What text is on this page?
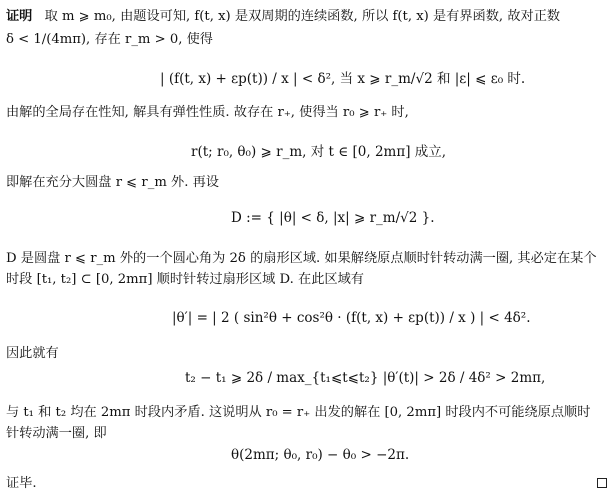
证明 取 m ⩾ m₀, 由题设可知, f(t, x) 是双周期的连续函数, 所以 f(t, x) 是有界函数, 故对正数
δ < 1/(4mπ), 存在 r_m > 0, 使得
| (f(t, x) + εp(t)) / x | < δ², 当 x ⩾ r_m/√2 和 |ε| ⩽ ε₀ 时.
由解的全局存在性知, 解具有弹性性质. 故存在 r₊, 使得当 r₀ ⩾ r₊ 时,
r(t; r₀, θ₀) ⩾ r_m, 对 t ∈ [0, 2mπ] 成立,
即解在充分大圆盘 r ⩽ r_m 外. 再设
D := { |θ| < δ, |x| ⩾ r_m/√2 }.
D 是圆盘 r ⩽ r_m 外的一个圆心角为 2δ 的扇形区域. 如果解绕原点顺时针转动满一圈, 其必定在某个
时段 [t₁, t₂] ⊂ [0, 2mπ] 顺时针转过扇形区域 D. 在此区域有
|θ′| = | 2 ( sin²θ + cos²θ · (f(t, x) + εp(t)) / x ) | < 4δ².
因此就有
t₂ − t₁ ⩾ 2δ / max_{t₁⩽t⩽t₂} |θ′(t)| > 2δ / 4δ² > 2mπ,
与 t₁ 和 t₂ 均在 2mπ 时段内矛盾. 这说明从 r₀ = r₊ 出发的解在 [0, 2mπ] 时段内不可能绕原点顺时
针转动满一圈, 即
θ(2mπ; θ₀, r₀) − θ₀ > −2π.
证毕.
